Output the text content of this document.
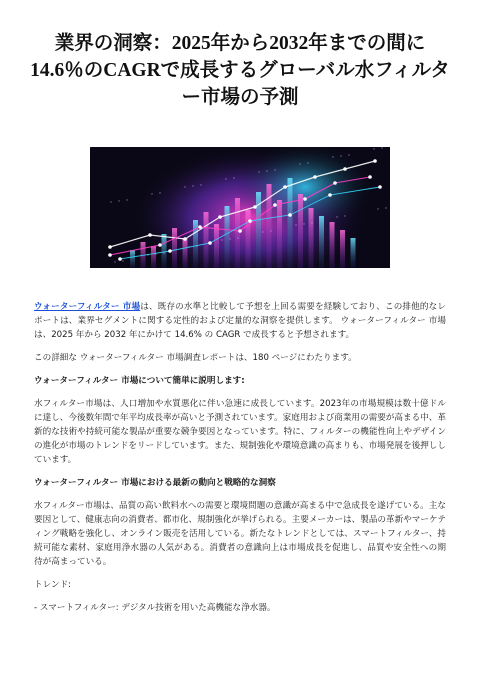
業界の洞察：2025年から2032年までの間に14.6％のCAGRで成長するグローバル水フィルター市場の予測

ウォーターフィルター 市場は、既存の水準と比較して予想を上回る需要を経験しており、この排他的なレポートは、業界セグメントに関する定性的および定量的な洞察を提供します。 ウォーターフィルター 市場は、2025 年から 2032 年にかけて 14.6% の CAGR で成長すると予想されます。

この詳細な ウォーターフィルター 市場調査レポートは、180 ページにわたります。

ウォーターフィルター 市場について簡単に説明します:

水フィルター市場は、人口増加や水質悪化に伴い急速に成長しています。2023年の市場規模は数十億ドルに達し、今後数年間で年平均成長率が高いと予測されています。家庭用および商業用の需要が高まる中、革新的な技術や持続可能な製品が重要な競争要因となっています。特に、フィルターの機能性向上やデザインの進化が市場のトレンドをリードしています。また、規制強化や環境意識の高まりも、市場発展を後押ししています。

ウォーターフィルター 市場における最新の動向と戦略的な洞察

水フィルター市場は、品質の高い飲料水への需要と環境問題の意識が高まる中で急成長を遂げている。主な要因として、健康志向の消費者、都市化、規制強化が挙げられる。主要メーカーは、製品の革新やマーケティング戦略を強化し、オンライン販売を活用している。新たなトレンドとしては、スマートフィルター、持続可能な素材、家庭用浄水器の人気がある。消費者の意識向上は市場成長を促進し、品質や安全性への期待が高まっている。

トレンド:

- スマートフィルター: デジタル技術を用いた高機能な浄水器。
